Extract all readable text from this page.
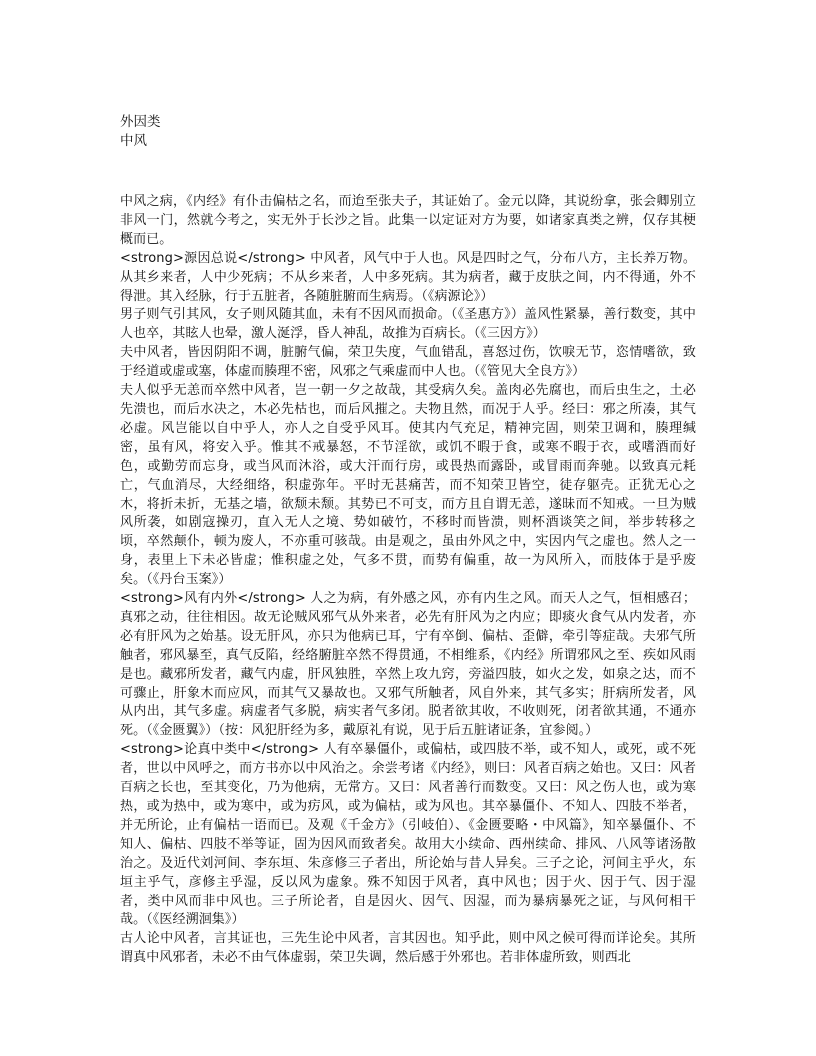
外因类

中风

中风之病，《内经》有仆击偏枯之名，而迨至张夫子，其证始了。金元以降，其说纷拿，张会卿别立非风一门，然就今考之，实无外于长沙之旨。此集一以定证对方为要，如诸家真类之辨，仅存其梗概而已。

<strong>源因总说</strong> 中风者，风气中于人也。风是四时之气，分布八方，主长养万物。从其乡来者，人中少死病；不从乡来者，人中多死病。其为病者，藏于皮肤之间，内不得通，外不得泄。其入经脉，行于五脏者，各随脏腑而生病焉。（《病源论》）

男子则气引其风，女子则风随其血，未有不因风而损命。（《圣惠方》）盖风性紧暴，善行数变，其中人也卒，其眩人也晕，激人涎浮，昏人神乱，故推为百病长。（《三因方》）

夫中风者，皆因阴阳不调，脏腑气偏，荣卫失度，气血错乱，喜怒过伤，饮唳无节，恣情嗜欲，致于经道或虚或塞，体虚而腠理不密，风邪之气乘虚而中人也。（《管见大全良方》）

夫人似乎无恙而卒然中风者，岂一朝一夕之故哉，其受病久矣。盖肉必先腐也，而后虫生之，土必先溃也，而后水决之，木必先枯也，而后风摧之。夫物且然，而况于人乎。经曰：邪之所凑，其气必虚。风岂能以自中乎人，亦人之自受乎风耳。使其内气充足，精神完固，则荣卫调和，腠理缄密，虽有风，将安入乎。惟其不戒暴怒，不节淫欲，或饥不暇于食，或寒不暇于衣，或嗜酒而好色，或勤劳而忘身，或当风而沐浴，或大汗而行房，或畏热而露卧，或冒雨而奔驰。以致真元耗亡，气血消尽，大经细络，积虚弥年。平时无甚痛苦，而不知荣卫皆空，徒存躯壳。正犹无心之木，将折未折，无基之墙，欲颓未颓。其势已不可支，而方且自谓无恙，遂昧而不知戒。一旦为贼风所袭，如剧寇操刃，直入无人之境、势如破竹，不移时而皆溃，则杯酒谈笑之间，举步转移之顷，卒然颠仆，顿为废人，不亦重可骇哉。由是观之，虽由外风之中，实因内气之虚也。然人之一身，表里上下未必皆虚；惟积虚之处，气多不贯，而势有偏重，故一为风所入，而肢体于是乎废矣。（《丹台玉案》）

<strong>风有内外</strong> 人之为病，有外感之风，亦有内生之风。而天人之气，恒相感召；真邪之动，往往相因。故无论贼风邪气从外来者，必先有肝风为之内应；即痰火食气从内发者，亦必有肝风为之始基。设无肝风，亦只为他病已耳，宁有卒倒、偏枯、歪僻，牵引等症哉。夫邪气所触者，邪风暴至，真气反陷，经络腑脏卒然不得贯通，不相维系，《内经》所谓邪风之至、疾如风雨是也。藏邪所发者，藏气内虚，肝风独胜，卒然上攻九窍，旁溢四肢，如火之发，如泉之达，而不可骤止，肝象木而应风，而其气又暴故也。又邪气所触者，风自外来，其气多实；肝病所发者，风从内出，其气多虚。病虚者气多脱，病实者气多闭。脱者欲其收，不收则死，闭者欲其通，不通亦死。（《金匮翼》）（按：风犯肝经为多，戴原礼有说，见于后五脏诸证条，宜参阅。）

<strong>论真中类中</strong> 人有卒暴僵仆，或偏枯，或四肢不举，或不知人，或死，或不死者，世以中风呼之，而方书亦以中风治之。余尝考诸《内经》，则曰：风者百病之始也。又曰：风者百病之长也，至其变化，乃为他病，无常方。又曰：风者善行而数变。又曰：风之伤人也，或为寒热，或为热中，或为寒中，或为疠风，或为偏枯，或为风也。其卒暴僵仆、不知人、四肢不举者，并无所论，止有偏枯一语而已。及观《千金方》（引岐伯）、《金匮要略・中风篇》，知卒暴僵仆、不知人、偏枯、四肢不举等证，固为因风而致者矣。故用大小续命、西州续命、排风、八风等诸汤散治之。及近代刘河间、李东垣、朱彦修三子者出，所论始与昔人异矣。三子之论，河间主乎火，东垣主乎气，彦修主乎湿，反以风为虚象。殊不知因于风者，真中风也；因于火、因于气、因于湿者，类中风而非中风也。三子所论者，自是因火、因气、因湿，而为暴病暴死之证，与风何相干哉。（《医经溯洄集》）

古人论中风者，言其证也，三先生论中风者，言其因也。知乎此，则中风之候可得而详论矣。其所谓真中风邪者，未必不由气体虚弱，荣卫失调，然后感于外邪也。若非体虚所致，则西北
